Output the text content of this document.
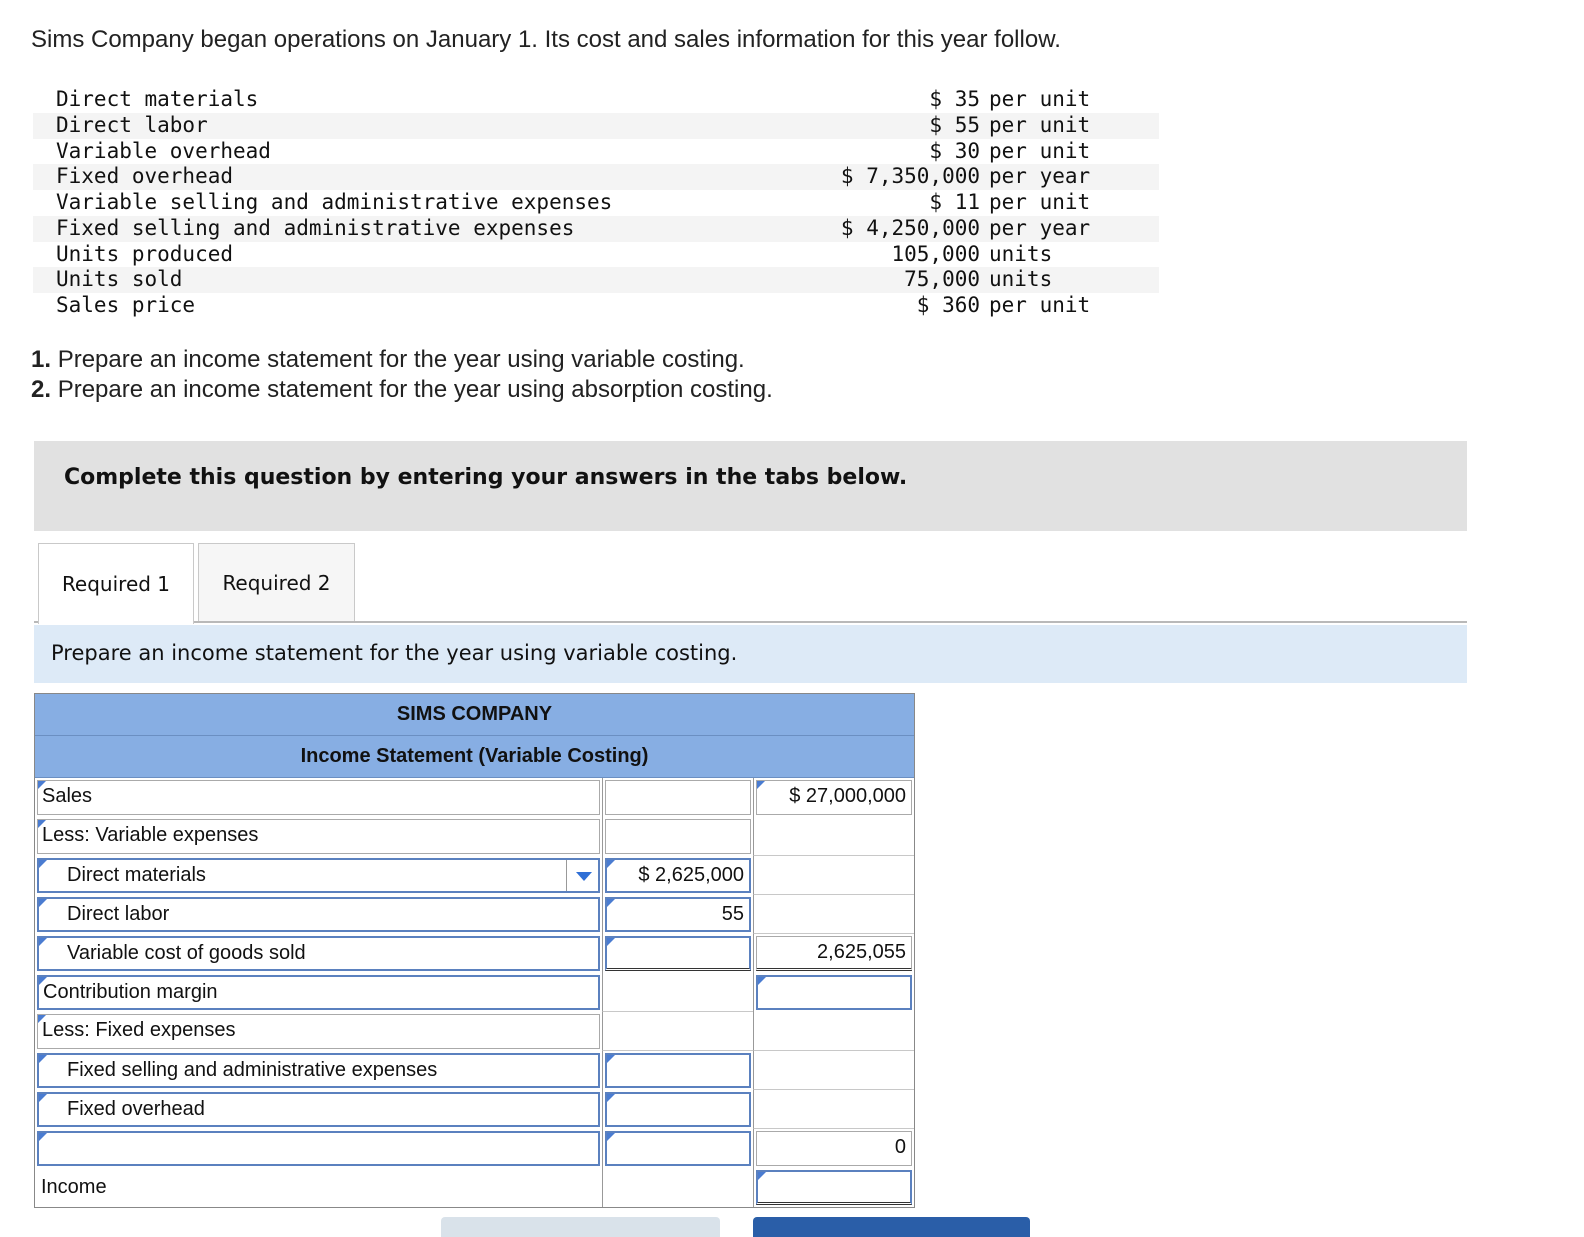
Sims Company began operations on January 1. Its cost and sales information for this year follow.
Direct materials	$ 35	per unit
Direct labor	$ 55	per unit
Variable overhead	$ 30	per unit
Fixed overhead	$ 7,350,000	per year
Variable selling and administrative expenses	$ 11	per unit
Fixed selling and administrative expenses	$ 4,250,000	per year
Units produced	105,000	units
Units sold	75,000	units
Sales price	$ 360	per unit
1. Prepare an income statement for the year using variable costing.
2. Prepare an income statement for the year using absorption costing.
Complete this question by entering your answers in the tabs below.
Required 1	Required 2
Prepare an income statement for the year using variable costing.
SIMS COMPANY
Income Statement (Variable Costing)
Sales	$ 27,000,000
Less: Variable expenses
Direct materials	$ 2,625,000
Direct labor	55
Variable cost of goods sold	2,625,055
Contribution margin
Less: Fixed expenses
Fixed selling and administrative expenses
Fixed overhead
0
Income
